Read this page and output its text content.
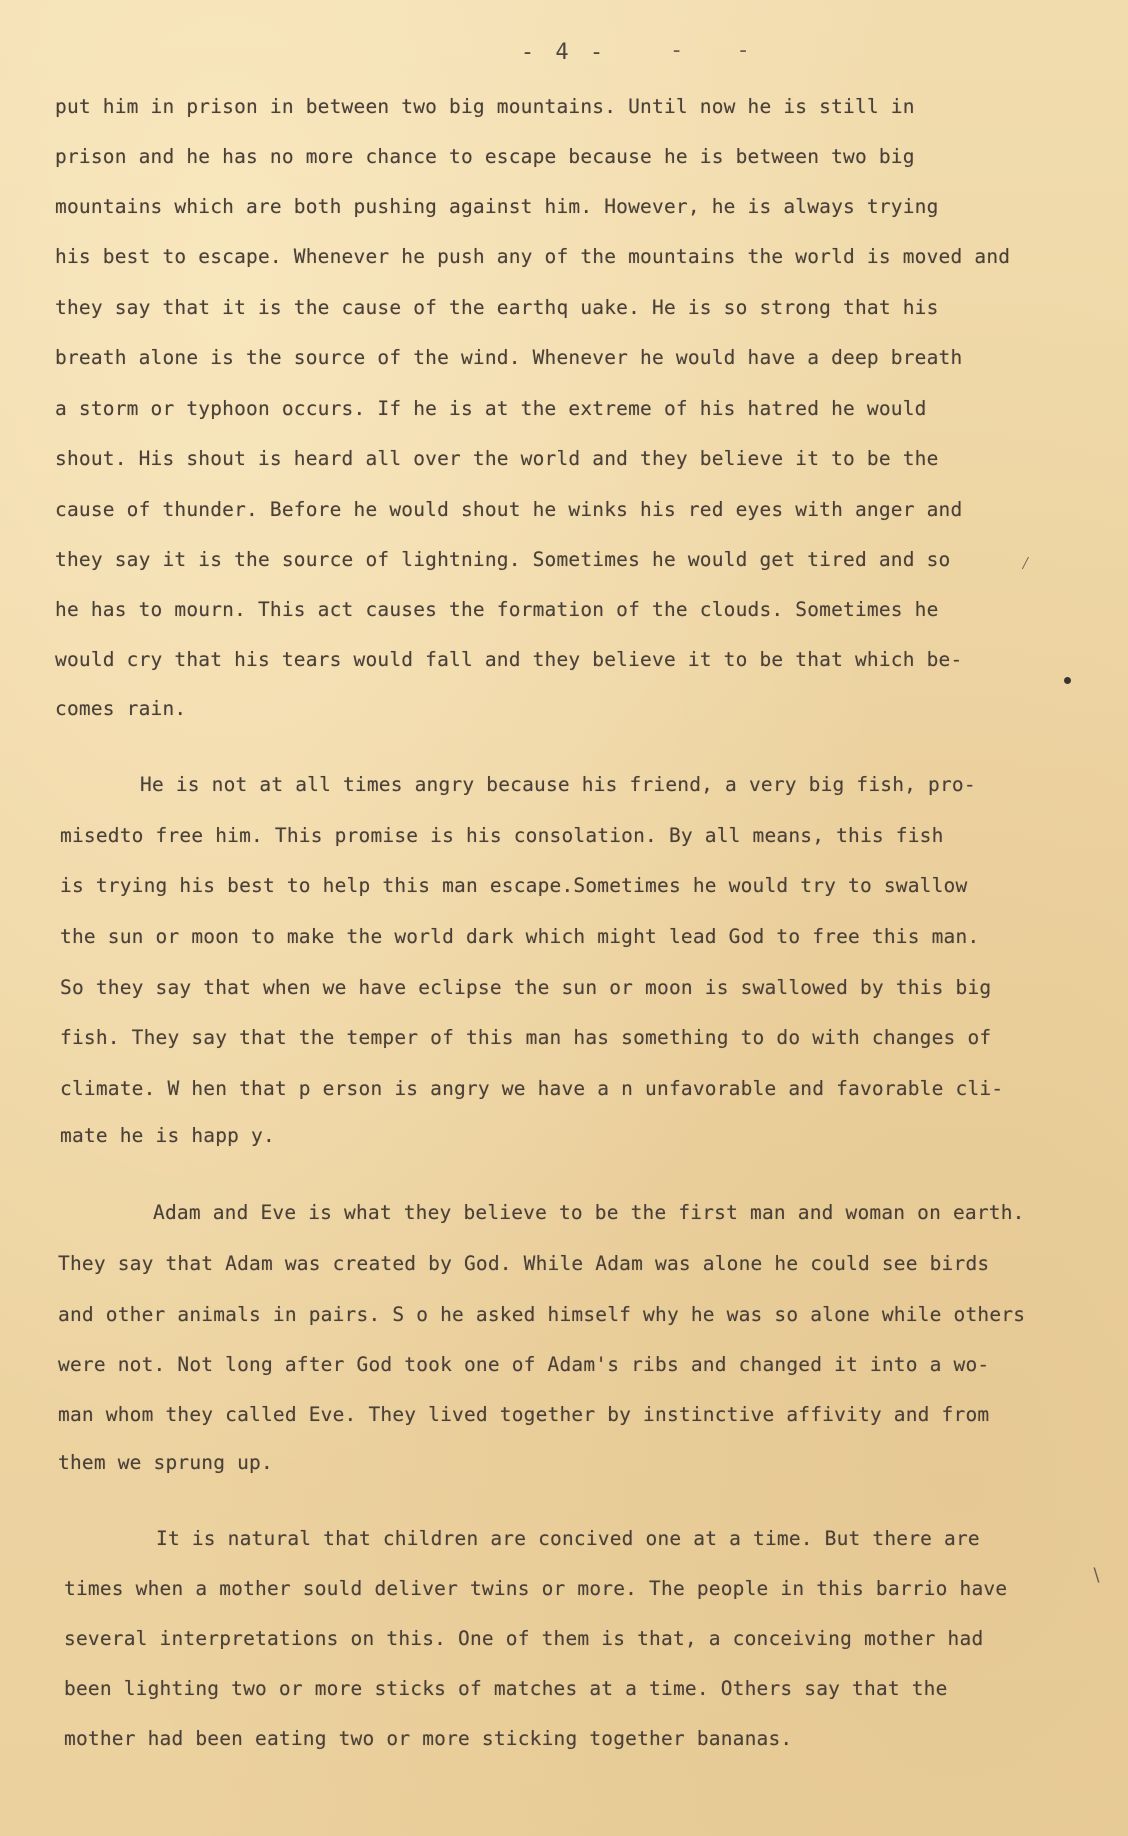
- 4 -	- -
put him in prison in between two big mountains. Until now he is still in
prison and he has no more chance to escape because he is between two big
mountains which are both pushing against him. However, he is always trying
his best to escape. Whenever he push any of the mountains the world is moved and
they say that it is the cause of the earthq uake. He is so strong that his
breath alone is the source of the wind. Whenever he would have a deep breath
a storm or typhoon occurs. If he is at the extreme of his hatred he would
shout. His shout is heard all over the world and they believe it to be the
cause of thunder. Before he would shout he winks his red eyes with anger and
they say it is the source of lightning. Sometimes he would get tired and so
he has to mourn. This act causes the formation of the clouds. Sometimes he
would cry that his tears would fall and they believe it to be that which be-
comes rain.
He is not at all times angry because his friend, a very big fish, pro-
misedto free him. This promise is his consolation. By all means, this fish
is trying his best to help this man escape.Sometimes he would try to swallow
the sun or moon to make the world dark which might lead God to free this man.
So they say that when we have eclipse the sun or moon is swallowed by this big
fish. They say that the temper of this man has something to do with changes of
climate. W hen that p erson is angry we have a n unfavorable and favorable cli-
mate he is happ y.
Adam and Eve is what they believe to be the first man and woman on earth.
They say that Adam was created by God. While Adam was alone he could see birds
and other animals in pairs. S o he asked himself why he was so alone while others
were not. Not long after God took one of Adam's ribs and changed it into a wo-
man whom they called Eve. They lived together by instinctive affivity and from
them we sprung up.
It is natural that children are concived one at a time. But there are
times when a mother sould deliver twins or more. The people in this barrio have
several interpretations on this. One of them is that, a conceiving mother had
been lighting two or more sticks of matches at a time. Others say that the
mother had been eating two or more sticking together bananas.
⁄
∖
